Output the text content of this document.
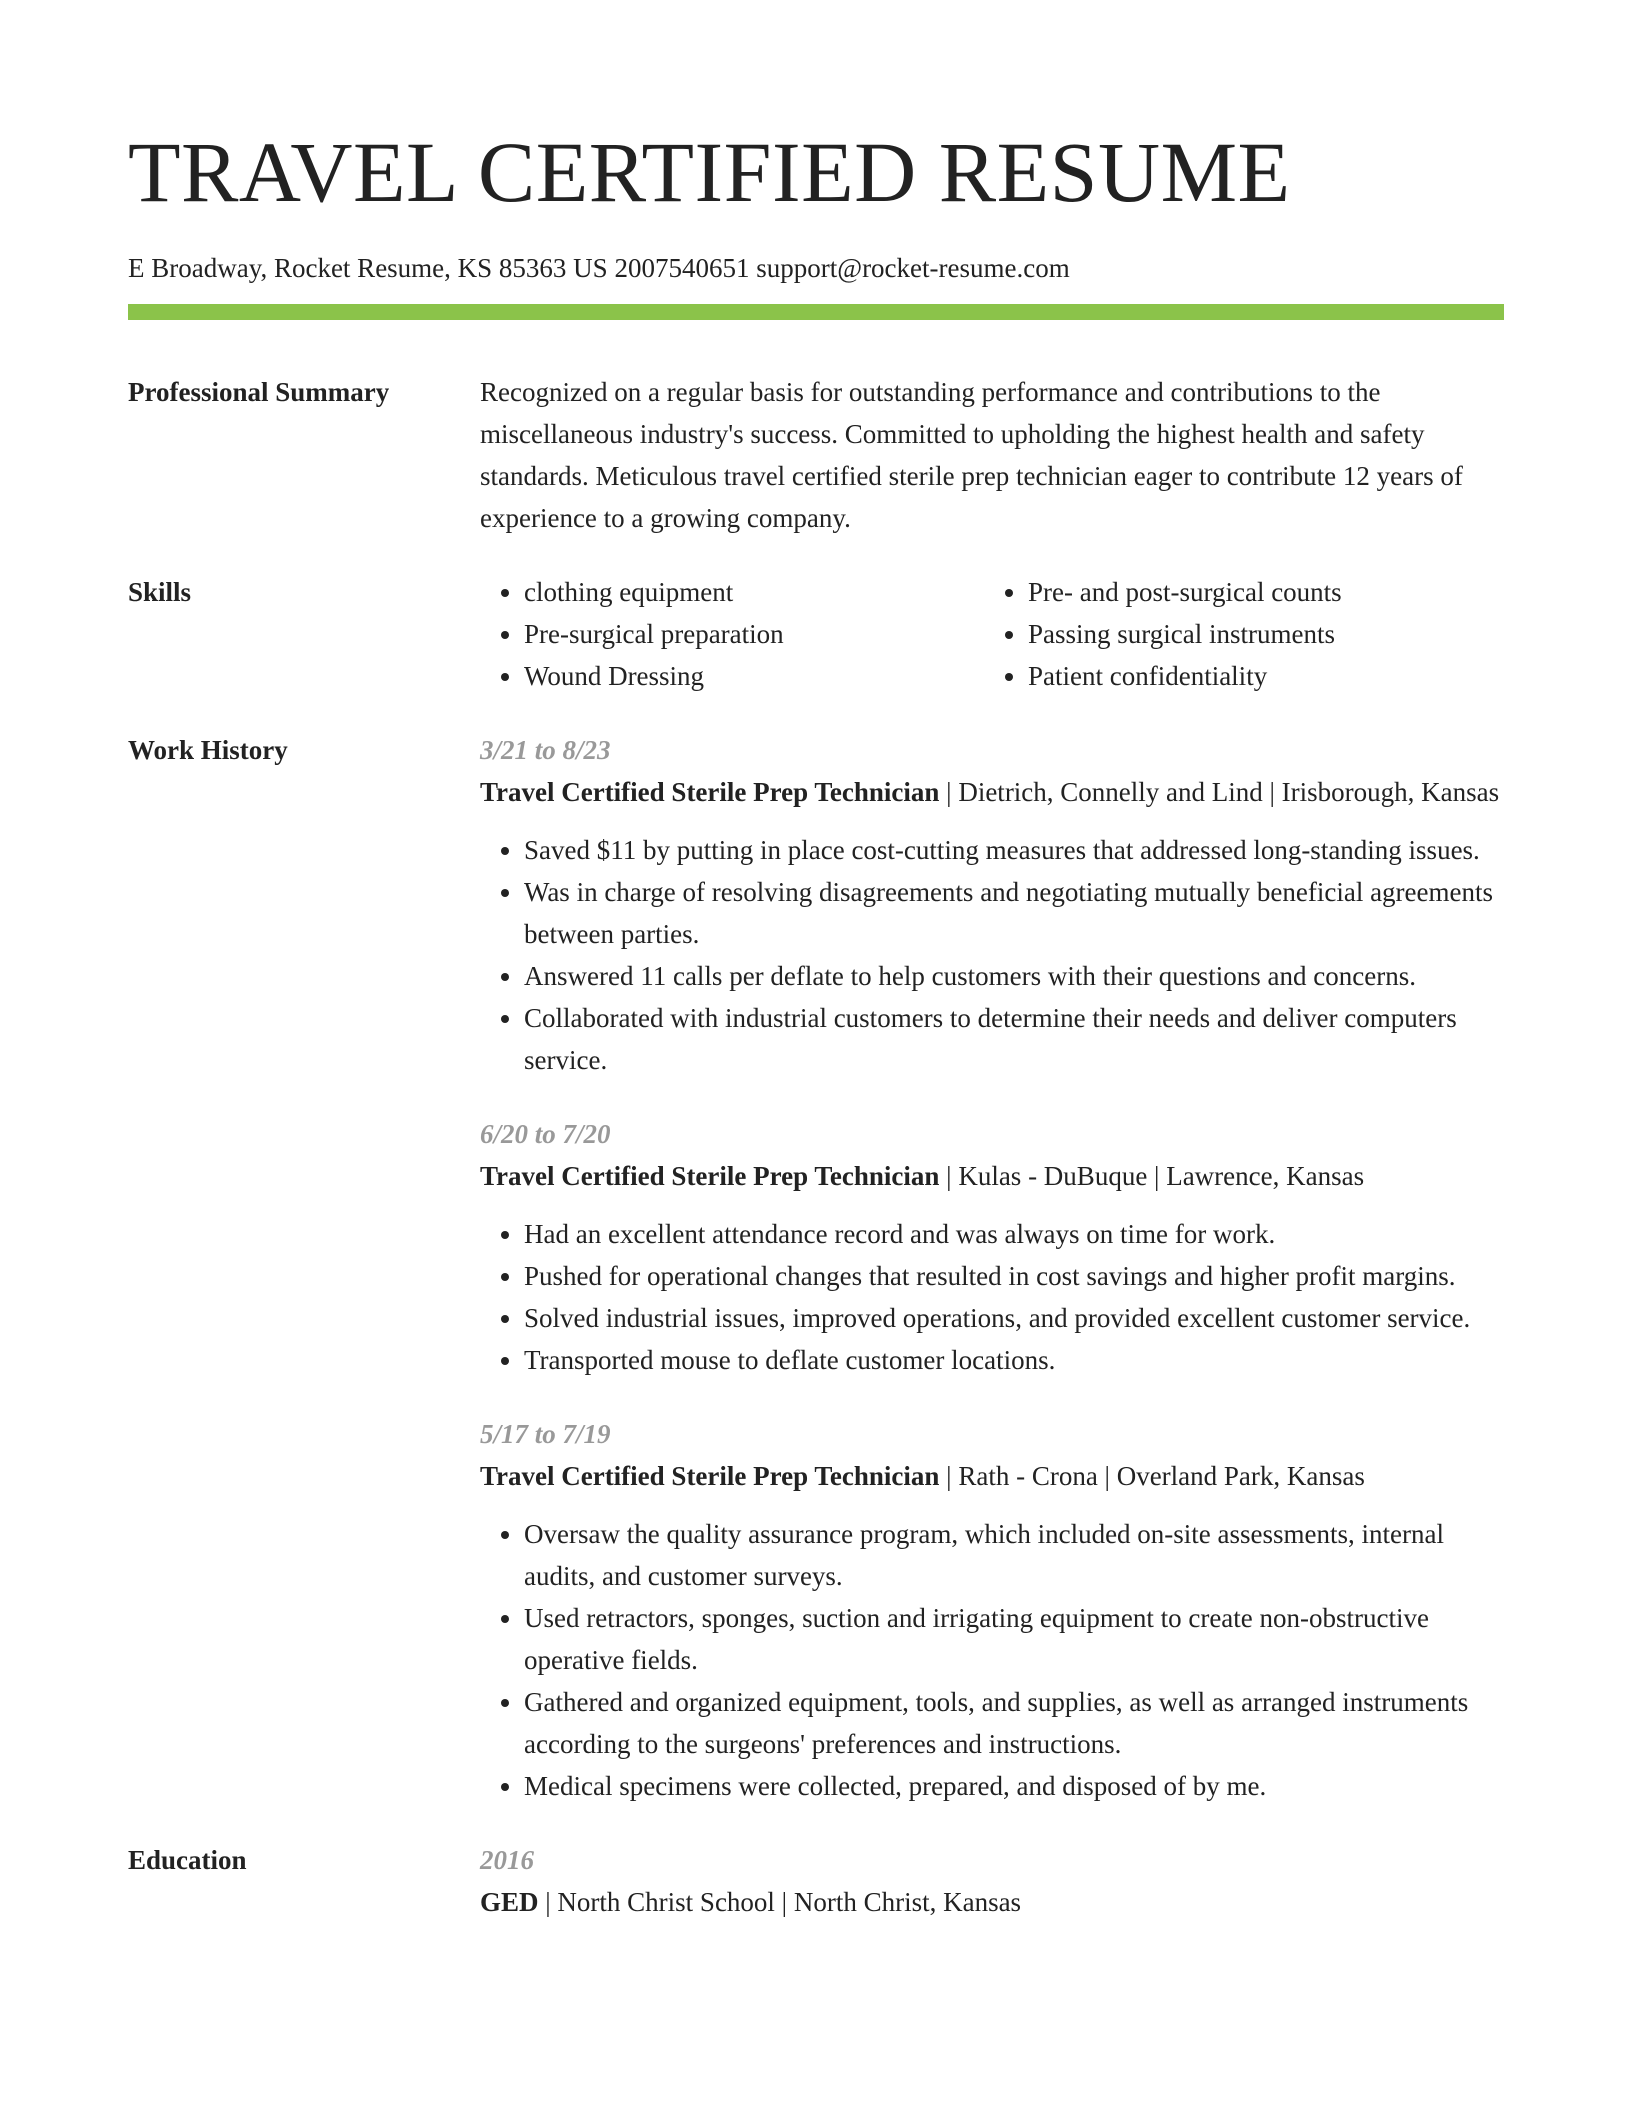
TRAVEL CERTIFIED RESUME
E Broadway, Rocket Resume, KS 85363 US 2007540651 support@rocket-resume.com
Professional Summary	Recognized on a regular basis for outstanding performance and contributions to the miscellaneous industry's success. Committed to upholding the highest health and safety standards. Meticulous travel certified sterile prep technician eager to contribute 12 years of experience to a growing company.

Skills
•	clothing equipment
• Pre-surgical preparation
• Wound Dressing
• Pre- and post-surgical counts
• Passing surgical instruments
• Patient confidentiality
Work History	3/21 to 8/23

Travel Certified Sterile Prep Technician | Dietrich, Connelly and Lind | Irisborough, Kansas

• Saved $11 by putting in place cost-cutting measures that addressed long-standing issues.
• Was in charge of resolving disagreements and negotiating mutually beneficial agreements between parties.
• Answered 11 calls per deflate to help customers with their questions and concerns.
• Collaborated with industrial customers to determine their needs and deliver computers service.
6/20 to 7/20

Travel Certified Sterile Prep Technician | Kulas - DuBuque | Lawrence, Kansas

• Had an excellent attendance record and was always on time for work.
• Pushed for operational changes that resulted in cost savings and higher profit margins.
• Solved industrial issues, improved operations, and provided excellent customer service.
• Transported mouse to deflate customer locations.
5/17 to 7/19

Travel Certified Sterile Prep Technician | Rath - Crona | Overland Park, Kansas

• Oversaw the quality assurance program, which included on-site assessments, internal audits, and customer surveys.
• Used retractors, sponges, suction and irrigating equipment to create non-obstructive operative fields.
• Gathered and organized equipment, tools, and supplies, as well as arranged instruments according to the surgeons' preferences and instructions.
• Medical specimens were collected, prepared, and disposed of by me.
Education	2016

GED | North Christ School | North Christ, Kansas
